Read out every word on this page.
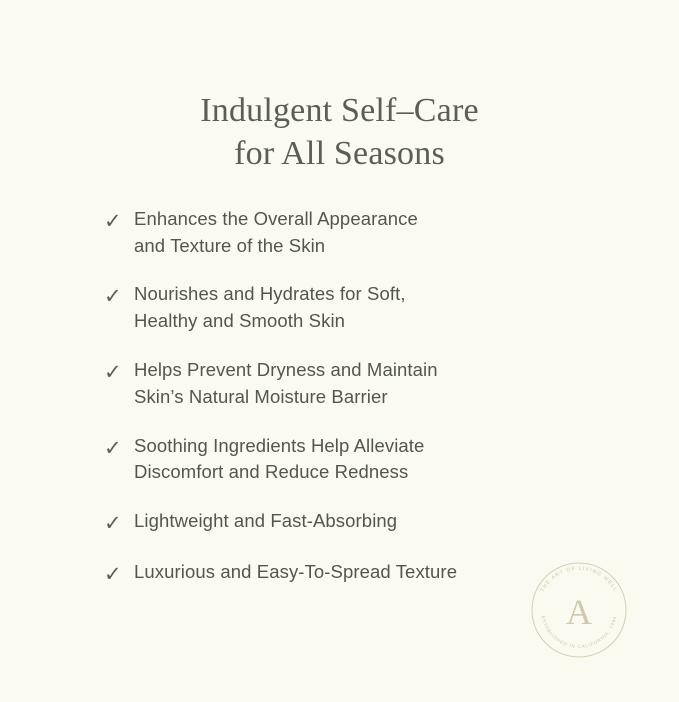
Indulgent Self–Care
for All Seasons
✓ Enhances the Overall Appearance
and Texture of the Skin
✓ Nourishes and Hydrates for Soft,
Healthy and Smooth Skin
✓ Helps Prevent Dryness and Maintain
Skin’s Natural Moisture Barrier
✓ Soothing Ingredients Help Alleviate
Discomfort and Reduce Redness
✓ Lightweight and Fast-Absorbing
✓ Luxurious and Easy-To-Spread Texture
A
THE ART OF LIVING WELL
ESTABLISHED IN CALIFORNIA, 1994
